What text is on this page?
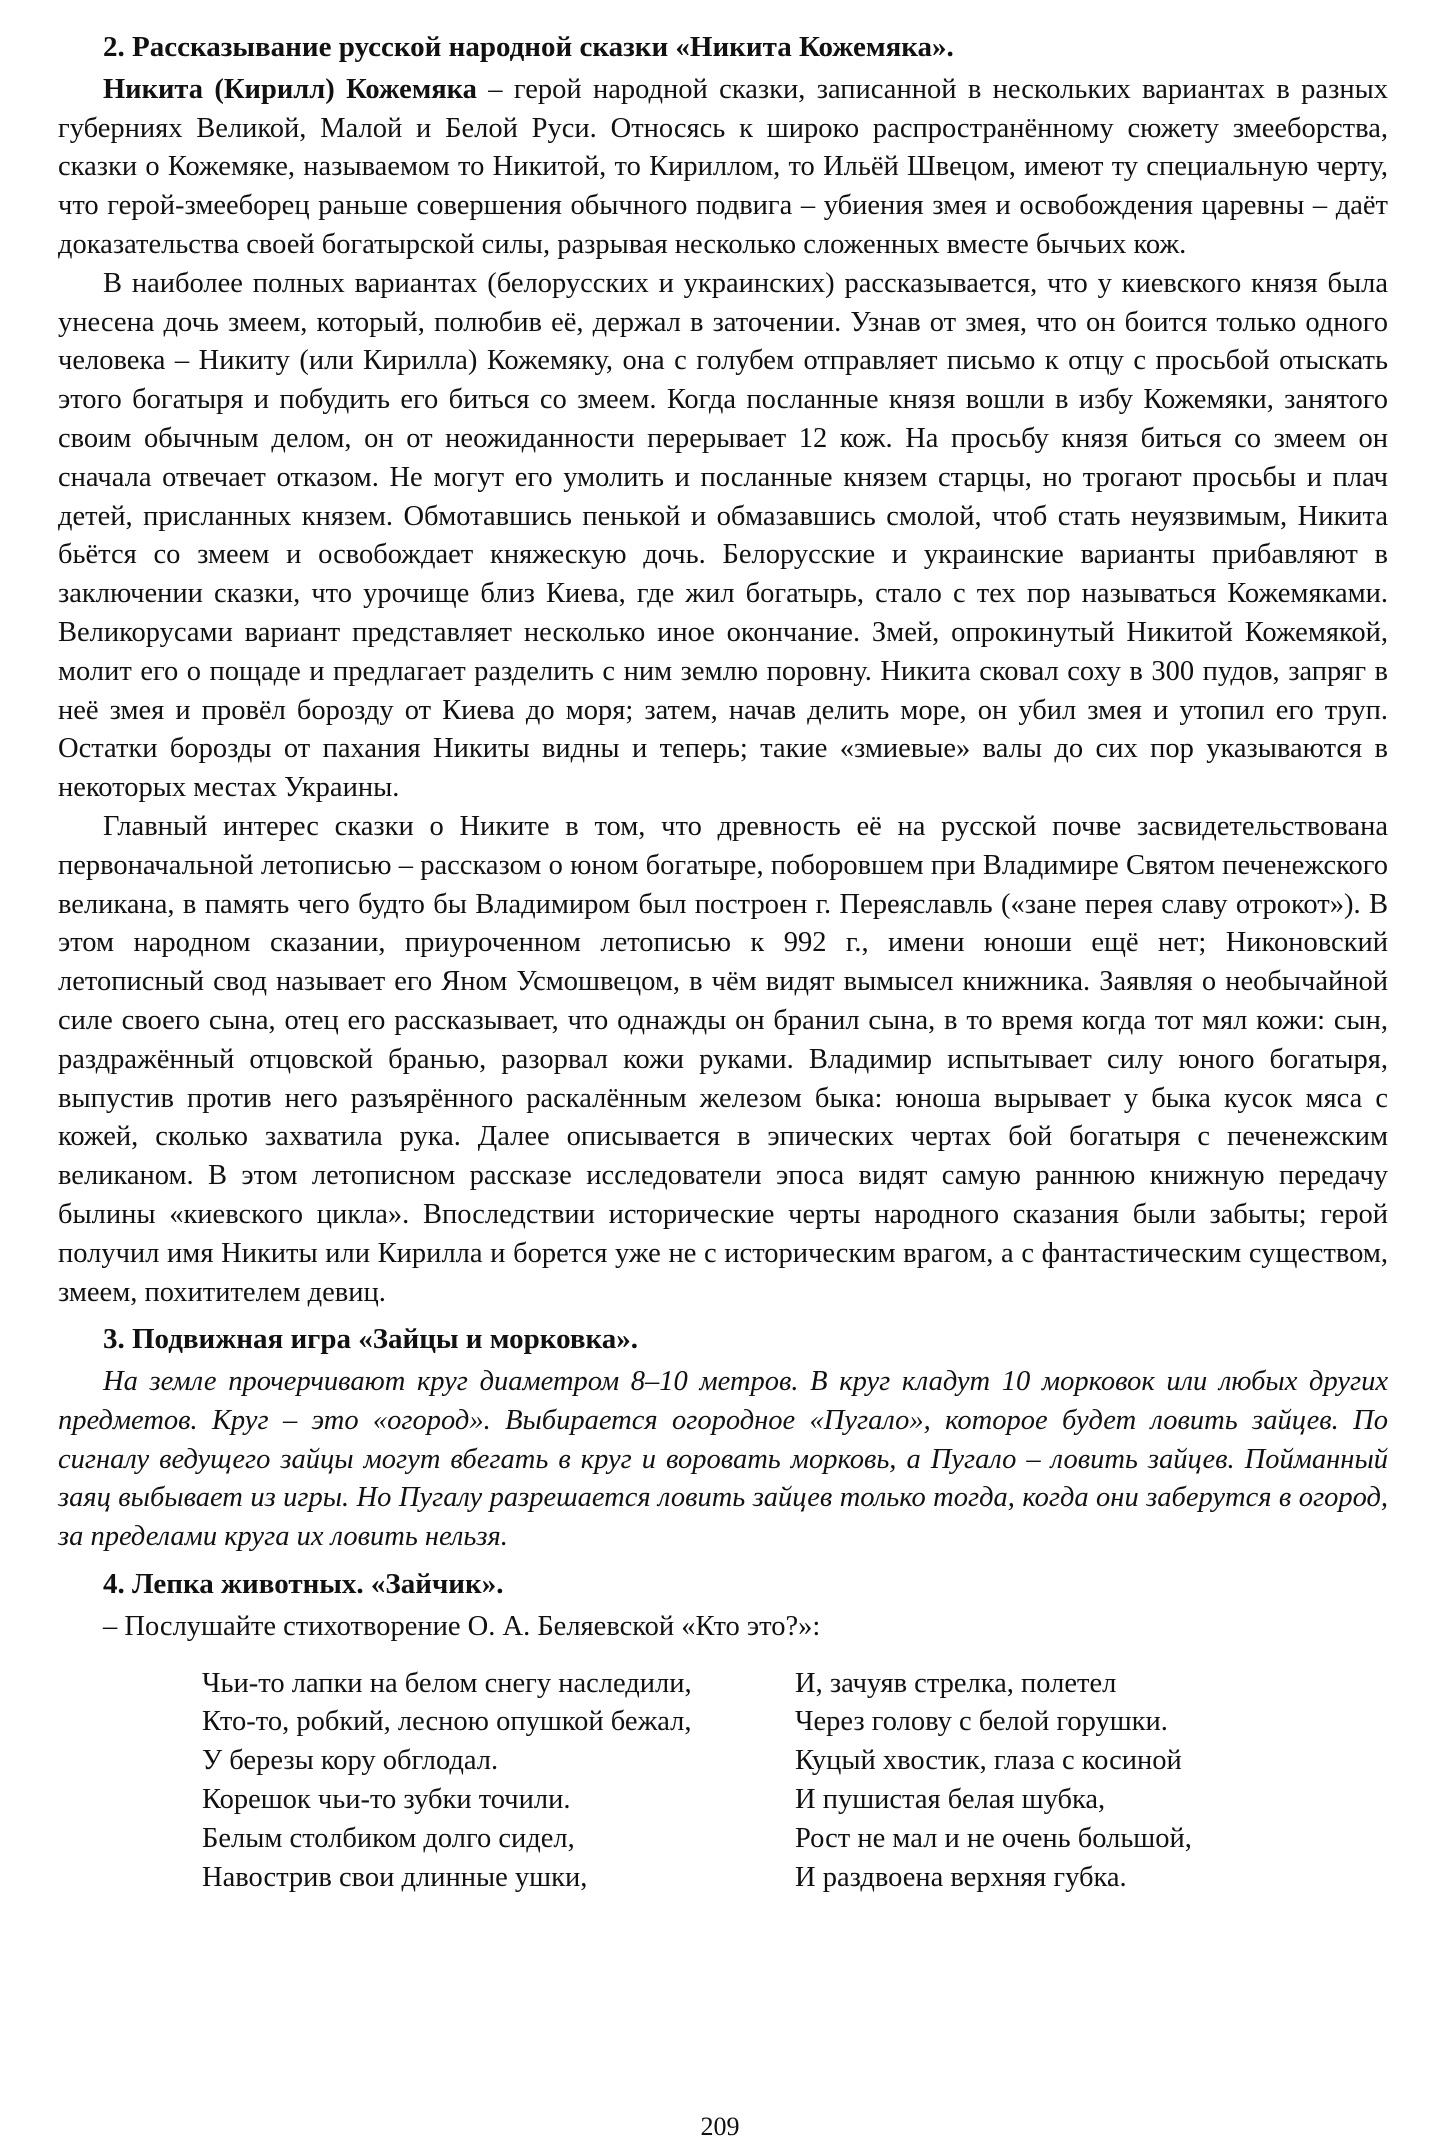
2. Рассказывание русской народной сказки «Никита Кожемяка».

Никита (Кирилл) Кожемяка – герой народной сказки, записанной в нескольких вариантах в разных губерниях Великой, Малой и Белой Руси. Относясь к широко распространённому сюжету змееборства, сказки о Кожемяке, называемом то Никитой, то Кириллом, то Ильёй Швецом, имеют ту специальную черту, что герой-змееборец раньше совершения обычного подвига – убиения змея и освобождения царевны – даёт доказательства своей богатырской силы, разрывая несколько сложенных вместе бычьих кож.

В наиболее полных вариантах (белорусских и украинских) рассказывается, что у киевского князя была унесена дочь змеем, который, полюбив её, держал в заточении. Узнав от змея, что он боится только одного человека – Никиту (или Кирилла) Кожемяку, она с голубем отправляет письмо к отцу с просьбой отыскать этого богатыря и побудить его биться со змеем. Когда посланные князя вошли в избу Кожемяки, занятого своим обычным делом, он от неожиданности перерывает 12 кож. На просьбу князя биться со змеем он сначала отвечает отказом. Не могут его умолить и посланные князем старцы, но трогают просьбы и плач детей, присланных князем. Обмотавшись пенькой и обмазавшись смолой, чтоб стать неуязвимым, Никита бьётся со змеем и освобождает княжескую дочь. Белорусские и украинские варианты прибавляют в заключении сказки, что урочище близ Киева, где жил богатырь, стало с тех пор называться Кожемяками. Великорусами вариант представляет несколько иное окончание. Змей, опрокинутый Никитой Кожемякой, молит его о пощаде и предлагает разделить с ним землю поровну. Никита сковал соху в 300 пудов, запряг в неё змея и провёл борозду от Киева до моря; затем, начав делить море, он убил змея и утопил его труп. Остатки борозды от пахания Никиты видны и теперь; такие «змиевые» валы до сих пор указываются в некоторых местах Украины.

Главный интерес сказки о Никите в том, что древность её на русской почве засвидетельствована первоначальной летописью – рассказом о юном богатыре, поборовшем при Владимире Святом печенежского великана, в память чего будто бы Владимиром был построен г. Переяславль («зане перея славу отрокот»). В этом народном сказании, приуроченном летописью к 992 г., имени юноши ещё нет; Никоновский летописный свод называет его Яном Усмошвецом, в чём видят вымысел книжника. Заявляя о необычайной силе своего сына, отец его рассказывает, что однажды он бранил сына, в то время когда тот мял кожи: сын, раздражённый отцовской бранью, разорвал кожи руками. Владимир испытывает силу юного богатыря, выпустив против него разъярённого раскалённым железом быка: юноша вырывает у быка кусок мяса с кожей, сколько захватила рука. Далее описывается в эпических чертах бой богатыря с печенежским великаном. В этом летописном рассказе исследователи эпоса видят самую раннюю книжную передачу былины «киевского цикла». Впоследствии исторические черты народного сказания были забыты; герой получил имя Никиты или Кирилла и борется уже не с историческим врагом, а с фантастическим существом, змеем, похитителем девиц.

3. Подвижная игра «Зайцы и морковка».

На земле прочерчивают круг диаметром 8–10 метров. В круг кладут 10 морковок или любых других предметов. Круг – это «огород». Выбирается огородное «Пугало», которое будет ловить зайцев. По сигналу ведущего зайцы могут вбегать в круг и воровать морковь, а Пугало – ловить зайцев. Пойманный заяц выбывает из игры. Но Пугалу разрешается ловить зайцев только тогда, когда они заберутся в огород, за пределами круга их ловить нельзя.

4. Лепка животных. «Зайчик».

– Послушайте стихотворение О. А. Беляевской «Кто это?»:

Чьи-то лапки на белом снегу наследили,
Кто-то, робкий, лесною опушкой бежал,
У березы кору обглодал.
Корешок чьи-то зубки точили.
Белым столбиком долго сидел,
Навострив свои длинные ушки,
И, зачуяв стрелка, полетел
Через голову с белой горушки.
Куцый хвостик, глаза с косиной
И пушистая белая шубка,
Рост не мал и не очень большой,
И раздвоена верхняя губка.
209
